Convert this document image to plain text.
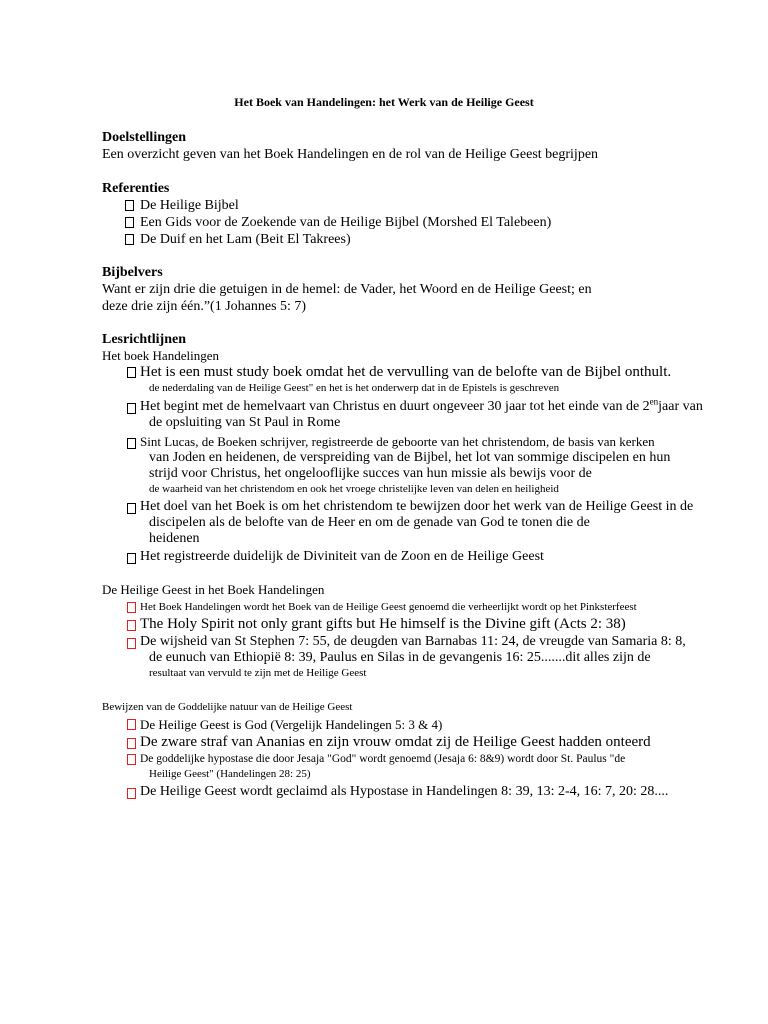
Het Boek van Handelingen: het Werk van de Heilige Geest
Doelstellingen
Een overzicht geven van het Boek Handelingen en de rol van de Heilige Geest begrijpen
Referenties
De Heilige Bijbel
Een Gids voor de Zoekende van de Heilige Bijbel (Morshed El Talebeen)
De Duif en het Lam (Beit El Takrees)
Bijbelvers
Want er zijn drie die getuigen in de hemel: de Vader, het Woord en de Heilige Geest; en
deze drie zijn één.”(1 Johannes 5: 7)
Lesrichtlijnen
Het boek Handelingen
Het is een must study boek omdat het de vervulling van de belofte van de Bijbel onthult.
de nederdaling van de Heilige Geest" en het is het onderwerp dat in de Epistels is geschreven
Het begint met de hemelvaart van Christus en duurt ongeveer 30 jaar tot het einde van de $2^{en}jaar$ van
de opsluiting van St Paul in Rome
Sint Lucas, de Boeken schrijver, registreerde de geboorte van het christendom, de basis van kerken
van Joden en heidenen, de verspreiding van de Bijbel, het lot van sommige discipelen en hun
strijd voor Christus, het ongelooflijke succes van hun missie als bewijs voor de
de waarheid van het christendom en ook het vroege christelijke leven van delen en heiligheid
Het doel van het Boek is om het christendom te bewijzen door het werk van de Heilige Geest in de
discipelen als de belofte van de Heer en om de genade van God te tonen die de
heidenen
Het registreerde duidelijk de Diviniteit van de Zoon en de Heilige Geest
De Heilige Geest in het Boek Handelingen
Het Boek Handelingen wordt het Boek van de Heilige Geest genoemd die verheerlijkt wordt op het Pinksterfeest
The Holy Spirit not only grant gifts but He himself is the Divine gift (Acts 2: 38)
De wijsheid van St Stephen 7: 55, de deugden van Barnabas 11: 24, de vreugde van Samaria 8: 8,
de eunuch van Ethiopië 8: 39, Paulus en Silas in de gevangenis 16: 25.......dit alles zijn de
resultaat van vervuld te zijn met de Heilige Geest
Bewijzen van de Goddelijke natuur van de Heilige Geest
De Heilige Geest is God (Vergelijk Handelingen 5: 3 & 4)
De zware straf van Ananias en zijn vrouw omdat zij de Heilige Geest hadden onteerd
De goddelijke hypostase die door Jesaja "God" wordt genoemd (Jesaja 6: 8&9) wordt door St. Paulus "de
Heilige Geest" (Handelingen 28: 25)
De Heilige Geest wordt geclaimd als Hypostase in Handelingen 8: 39, 13: 2-4, 16: 7, 20: 28....
